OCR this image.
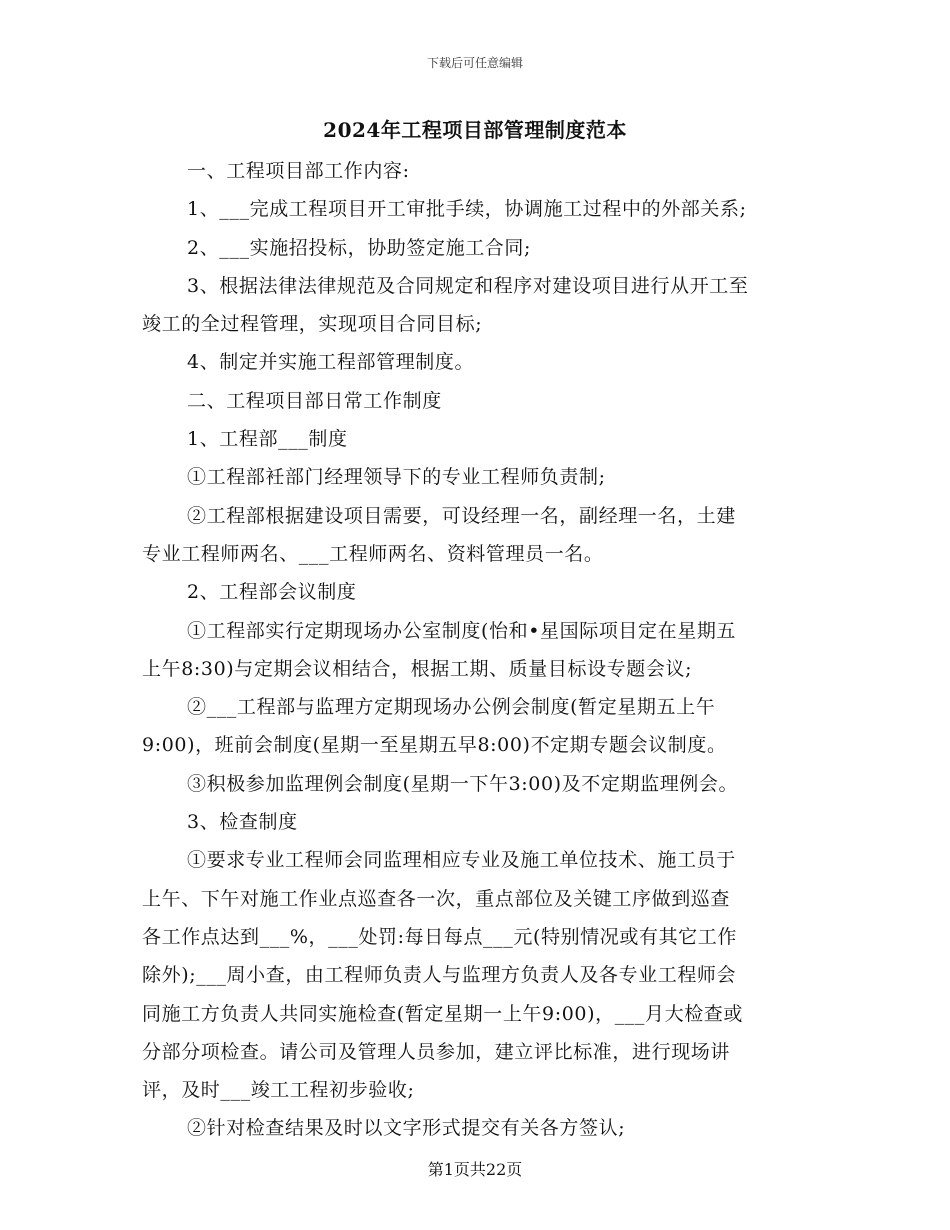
下载后可任意编辑
2024年工程项目部管理制度范本
一、工程项目部工作内容:
1、___完成工程项目开工审批手续，协调施工过程中的外部关系;
2、___实施招投标，协助签定施工合同;
3、根据法律法律规范及合同规定和程序对建设项目进行从开工至
竣工的全过程管理，实现项目合同目标;
4、制定并实施工程部管理制度。
二、工程项目部日常工作制度
1、工程部___制度
①工程部衽部门经理领导下的专业工程师负责制;
②工程部根据建设项目需要，可设经理一名，副经理一名，土建
专业工程师两名、___工程师两名、资料管理员一名。
2、工程部会议制度
①工程部实行定期现场办公室制度(怡和•星国际项目定在星期五
上午8:30)与定期会议相结合，根据工期、质量目标设专题会议;
②___工程部与监理方定期现场办公例会制度(暂定星期五上午
9:00)，班前会制度(星期一至星期五早8:00)不定期专题会议制度。
③积极参加监理例会制度(星期一下午3:00)及不定期监理例会。
3、检查制度
①要求专业工程师会同监理相应专业及施工单位技术、施工员于
上午、下午对施工作业点巡查各一次，重点部位及关键工序做到巡查
各工作点达到___%，___处罚:每日每点___元(特别情况或有其它工作
除外);___周小查，由工程师负责人与监理方负责人及各专业工程师会
同施工方负责人共同实施检查(暂定星期一上午9:00)，___月大检查或
分部分项检查。请公司及管理人员参加，建立评比标准，进行现场讲
评，及时___竣工工程初步验收;
②针对检查结果及时以文字形式提交有关各方签认;
第1页共22页
